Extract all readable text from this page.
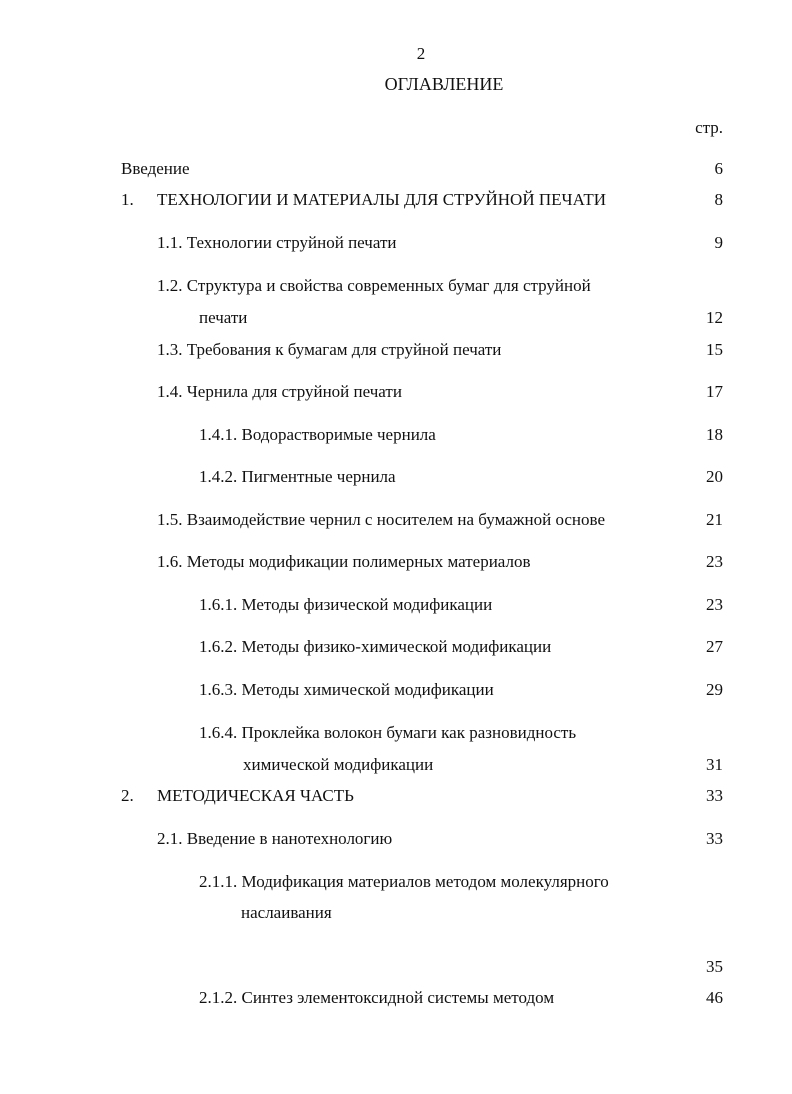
2
ОГЛАВЛЕНИЕ
стр.
Введение	6
1. ТЕХНОЛОГИИ И МАТЕРИАЛЫ ДЛЯ СТРУЙНОЙ ПЕЧАТИ	8
1.1. Технологии струйной печати	9
1.2. Структура и свойства современных бумаг для струйной
печати	12
1.3. Требования к бумагам для струйной печати	15
1.4. Чернила для струйной печати	17
1.4.1. Водорастворимые чернила	18
1.4.2. Пигментные чернила	20
1.5. Взаимодействие чернил с носителем на бумажной основе	21
1.6. Методы модификации полимерных материалов	23
1.6.1. Методы физической модификации	23
1.6.2. Методы физико-химической модификации	27
1.6.3. Методы химической модификации	29
1.6.4. Проклейка волокон бумаги как разновидность
химической модификации	31
2. МЕТОДИЧЕСКАЯ ЧАСТЬ	33
2.1. Введение в нанотехнологию	33
2.1.1. Модификация материалов методом молекулярного
наслаивания
35
2.1.2. Синтез элементоксидной системы методом	46
